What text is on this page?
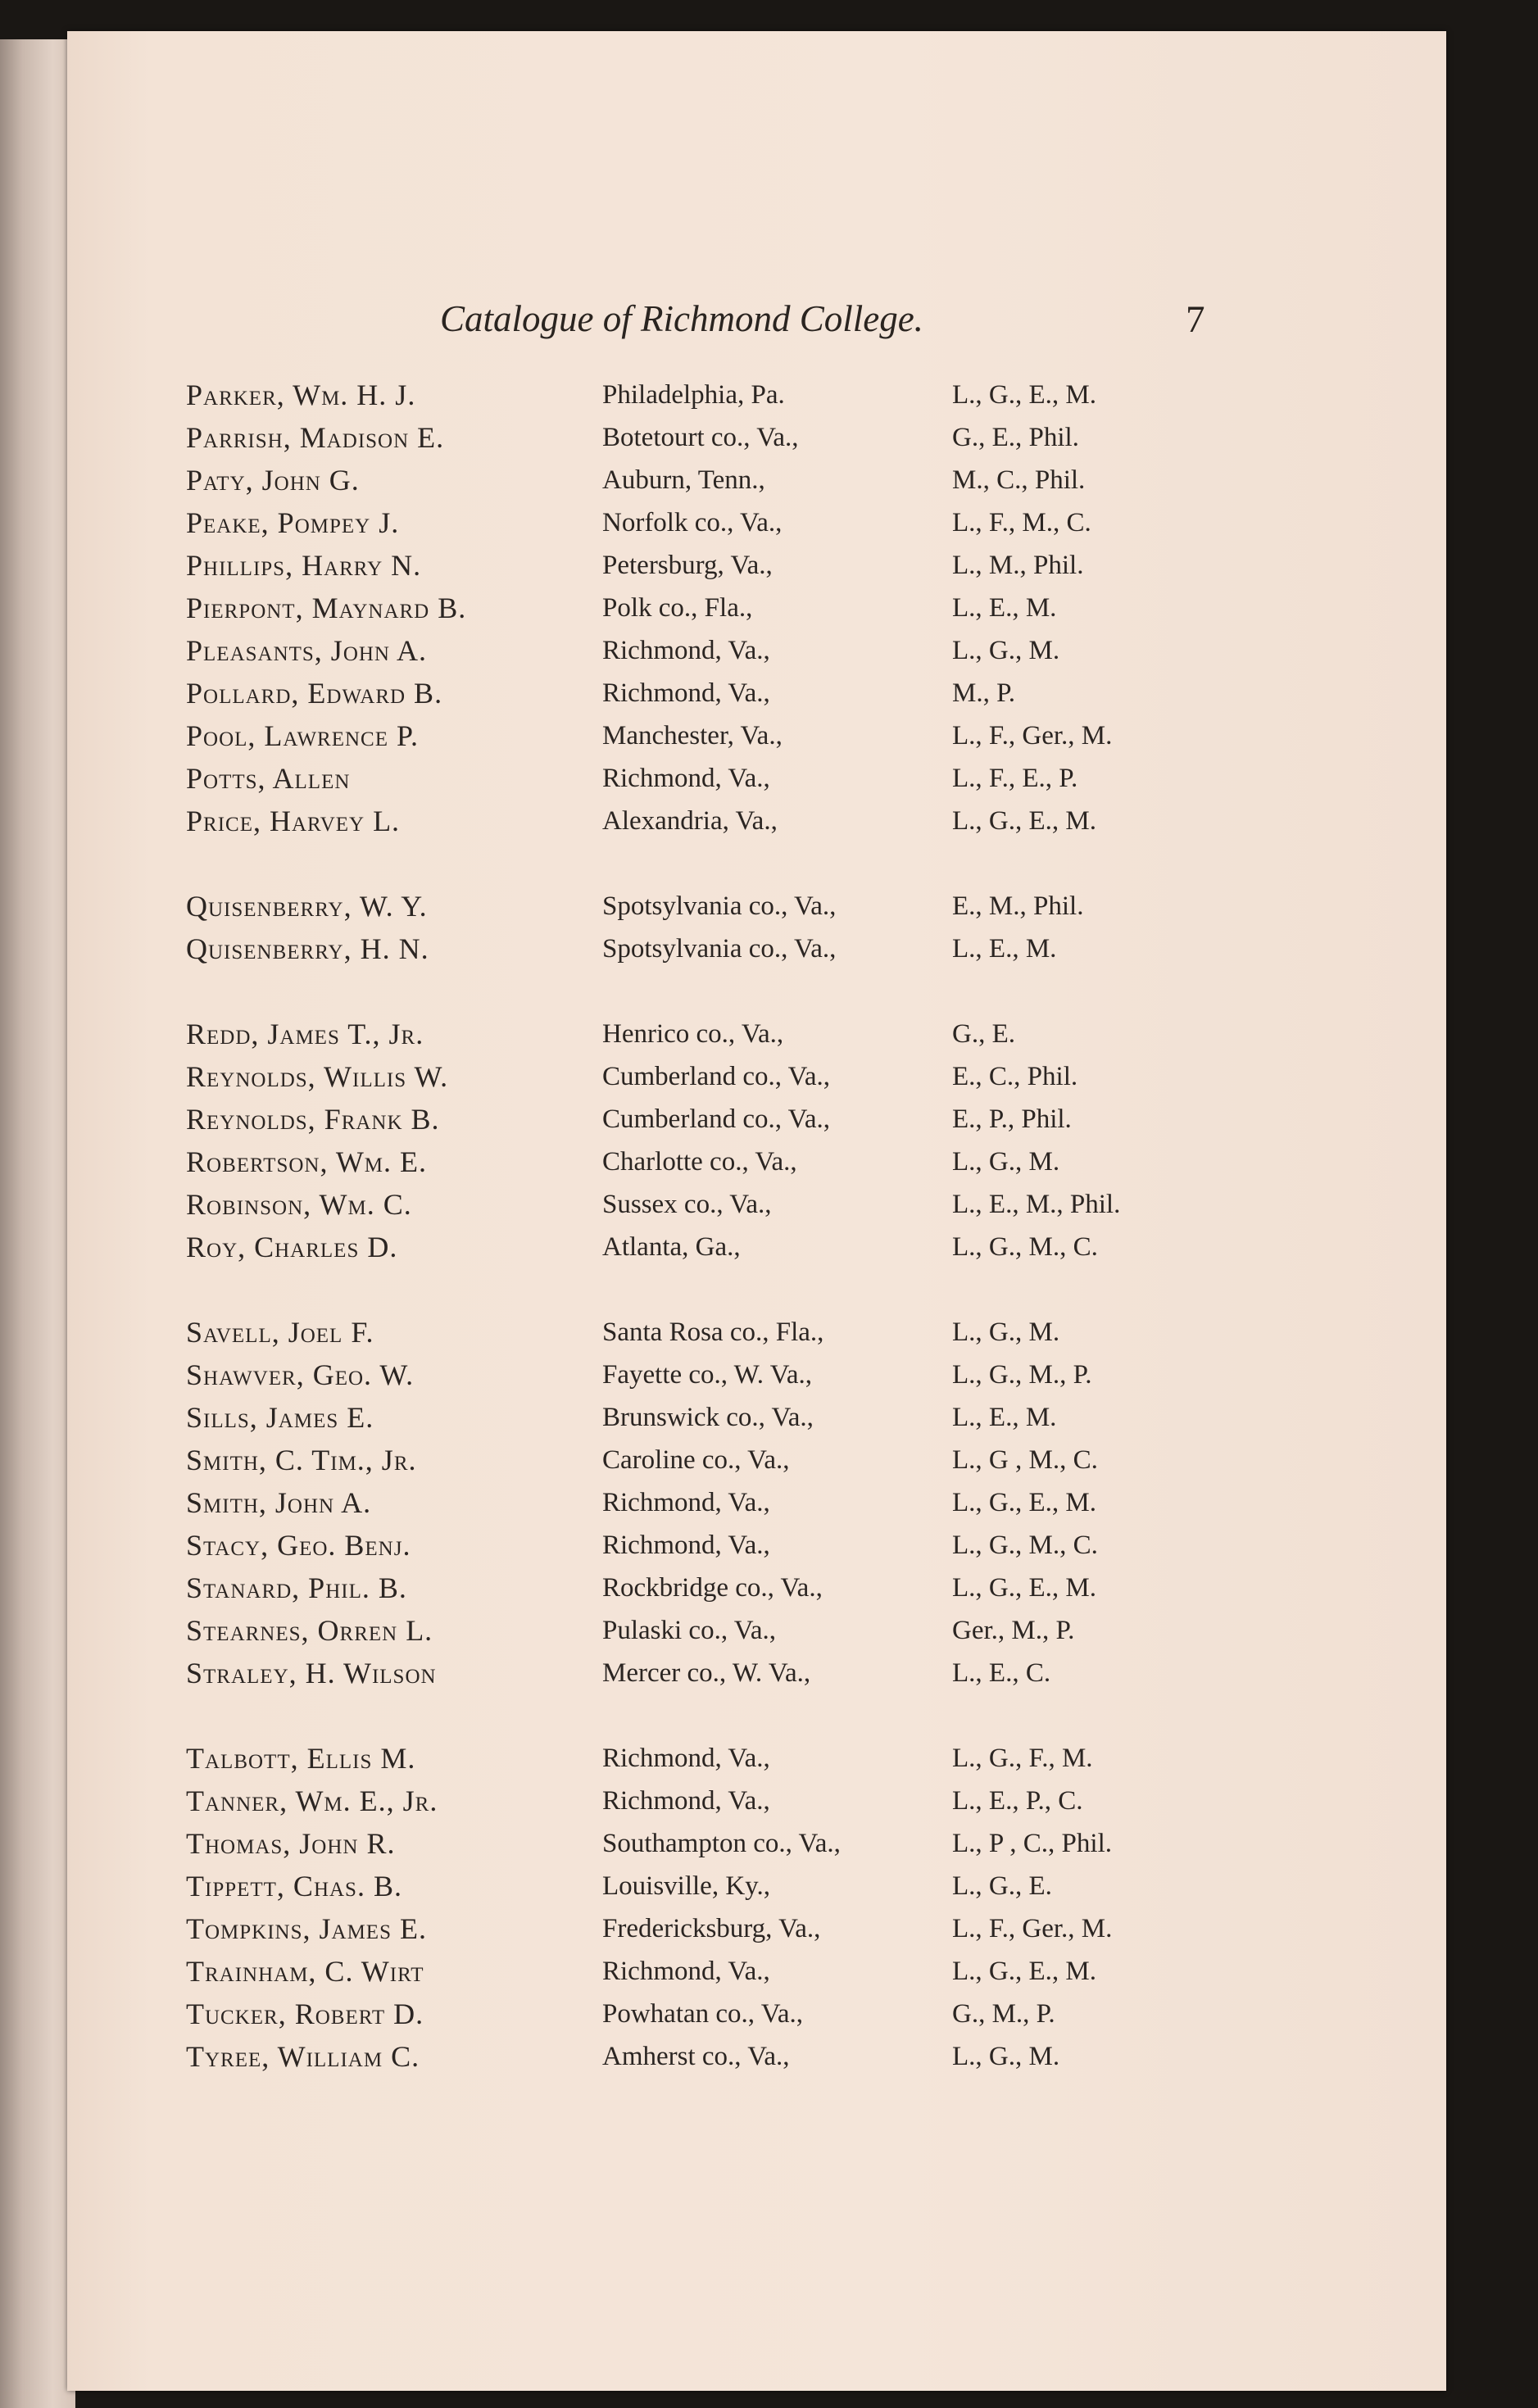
Catalogue of Richmond College.	7
Parker, Wm. H. J.	Philadelphia, Pa.	L., G., E., M.
Parrish, Madison E.	Botetourt co., Va.,	G., E., Phil.
Paty, John G.	Auburn, Tenn.,	M., C., Phil.
Peake, Pompey J.	Norfolk co., Va.,	L., F., M., C.
Phillips, Harry N.	Petersburg, Va.,	L., M., Phil.
Pierpont, Maynard B.	Polk co., Fla.,	L., E., M.
Pleasants, John A.	Richmond, Va.,	L., G., M.
Pollard, Edward B.	Richmond, Va.,	M., P.
Pool, Lawrence P.	Manchester, Va.,	L., F., Ger., M.
Potts, Allen	Richmond, Va.,	L., F., E., P.
Price, Harvey L.	Alexandria, Va.,	L., G., E., M.
Quisenberry, W. Y.	Spotsylvania co., Va.,	E., M., Phil.
Quisenberry, H. N.	Spotsylvania co., Va.,	L., E., M.
Redd, James T., Jr.	Henrico co., Va.,	G., E.
Reynolds, Willis W.	Cumberland co., Va.,	E., C., Phil.
Reynolds, Frank B.	Cumberland co., Va.,	E., P., Phil.
Robertson, Wm. E.	Charlotte co., Va.,	L., G., M.
Robinson, Wm. C.	Sussex co., Va.,	L., E., M., Phil.
Roy, Charles D.	Atlanta, Ga.,	L., G., M., C.
Savell, Joel F.	Santa Rosa co., Fla.,	L., G., M.
Shawver, Geo. W.	Fayette co., W. Va.,	L., G., M., P.
Sills, James E.	Brunswick co., Va.,	L., E., M.
Smith, C. Tim., Jr.	Caroline co., Va.,	L., G , M., C.
Smith, John A.	Richmond, Va.,	L., G., E., M.
Stacy, Geo. Benj.	Richmond, Va.,	L., G., M., C.
Stanard, Phil. B.	Rockbridge co., Va.,	L., G., E., M.
Stearnes, Orren L.	Pulaski co., Va.,	Ger., M., P.
Straley, H. Wilson	Mercer co., W. Va.,	L., E., C.
Talbott, Ellis M.	Richmond, Va.,	L., G., F., M.
Tanner, Wm. E., Jr.	Richmond, Va.,	L., E., P., C.
Thomas, John R.	Southampton co., Va.,	L., P , C., Phil.
Tippett, Chas. B.	Louisville, Ky.,	L., G., E.
Tompkins, James E.	Fredericksburg, Va.,	L., F., Ger., M.
Trainham, C. Wirt	Richmond, Va.,	L., G., E., M.
Tucker, Robert D.	Powhatan co., Va.,	G., M., P.
Tyree, William C.	Amherst co., Va.,	L., G., M.
